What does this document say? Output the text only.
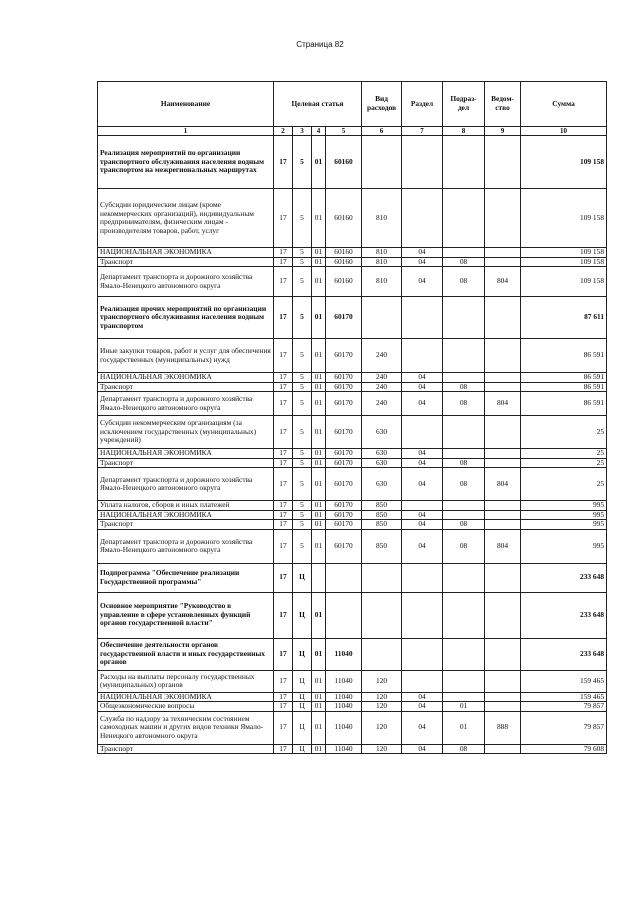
Страница 82
Наименование	Целевая статья				Вид расходов	Раздел	Подраз-дел	Ведом-ство	Сумма
1	2	3	4	5	6	7	8	9	10
Реализация мероприятий по организации транспортного обслуживания населения водным транспортом на межрегиональных маршрутах	17	5	01	60160					109 158
Субсидии юридическим лицам (кроме некоммерческих организаций), индивидуальным предпринимателям, физическим лицам - производителям товаров, работ, услуг	17	5	01	60160	810				109 158
НАЦИОНАЛЬНАЯ ЭКОНОМИКА	17	5	01	60160	810	04			109 158
Транспорт	17	5	01	60160	810	04	08		109 158
Департамент транспорта и дорожного хозяйства Ямало-Ненецкого автономного округа	17	5	01	60160	810	04	08	804	109 158
Реализация прочих мероприятий по организации транспортного обслуживания населения водным транспортом	17	5	01	60170					87 611
Иные закупки товаров, работ и услуг для обеспечения государственных (муниципальных) нужд	17	5	01	60170	240				86 591
НАЦИОНАЛЬНАЯ ЭКОНОМИКА	17	5	01	60170	240	04			86 591
Транспорт	17	5	01	60170	240	04	08		86 591
Департамент транспорта и дорожного хозяйства Ямало-Ненецкого автономного округа	17	5	01	60170	240	04	08	804	86 591
Субсидии некоммерческим организациям (за исключением государственных (муниципальных) учреждений)	17	5	01	60170	630				25
НАЦИОНАЛЬНАЯ ЭКОНОМИКА	17	5	01	60170	630	04			25
Транспорт	17	5	01	60170	630	04	08		25
Департамент транспорта и дорожного хозяйства Ямало-Ненецкого автономного округа	17	5	01	60170	630	04	08	804	25
Уплата налогов, сборов и иных платежей	17	5	01	60170	850				995
НАЦИОНАЛЬНАЯ ЭКОНОМИКА	17	5	01	60170	850	04			995
Транспорт	17	5	01	60170	850	04	08		995
Департамент транспорта и дорожного хозяйства Ямало-Ненецкого автономного округа	17	5	01	60170	850	04	08	804	995
Подпрограмма "Обеспечение реализации Государственной программы"	17	Ц							233 648
Основное мероприятие "Руководство в управление в сфере установленных функций органов государственной власти"	17	Ц	01						233 648
Обеспечение деятельности органов государственной власти и иных государственных органов	17	Ц	01	11040					233 648
Расходы на выплаты персоналу государственных (муниципальных) органов	17	Ц	01	11040	120				159 465
НАЦИОНАЛЬНАЯ ЭКОНОМИКА	17	Ц	01	11040	120	04			159 465
Общеэкономические вопросы	17	Ц	01	11040	120	04	01		79 857
Служба по надзору за техническим состоянием самоходных машин и других видов техники Ямало-Ненецкого автономного округа	17	Ц	01	11040	120	04	01	888	79 857
Транспорт	17	Ц	01	11040	120	04	08		79 608
